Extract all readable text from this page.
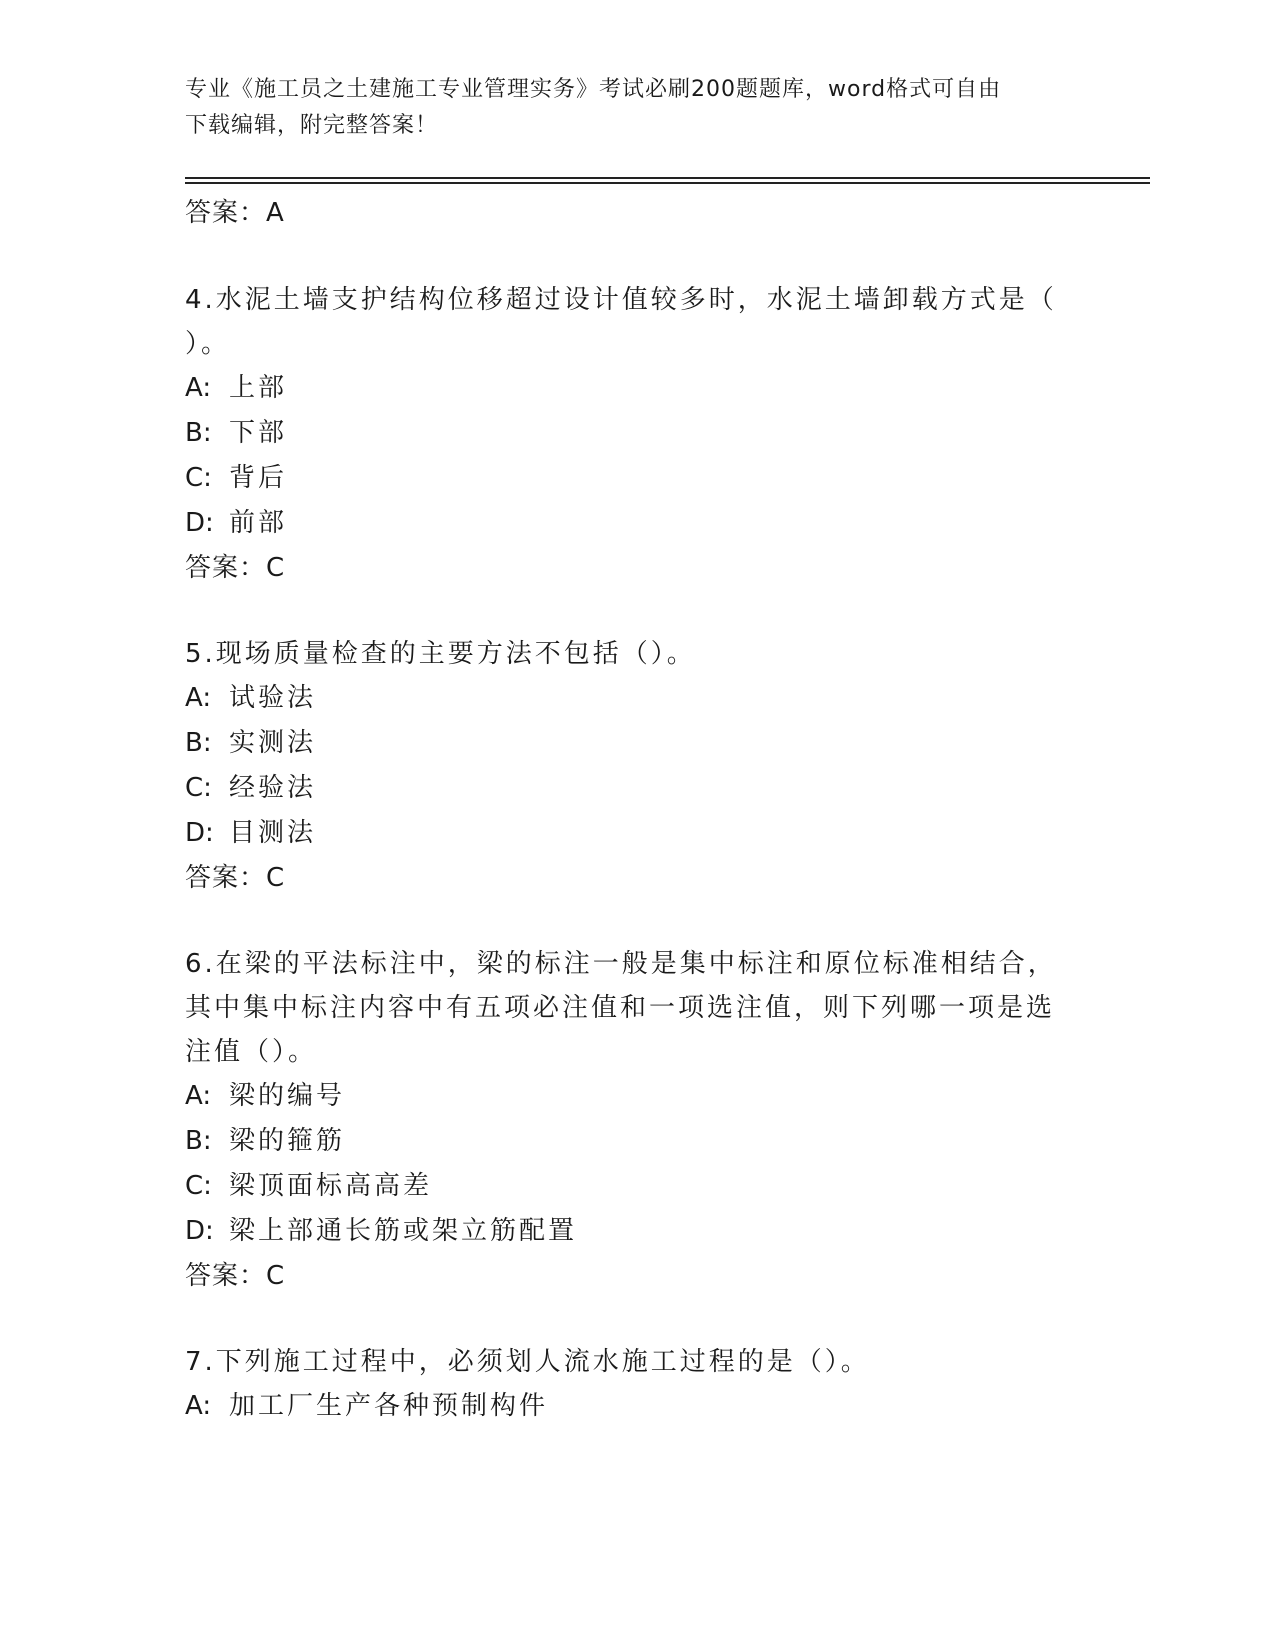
专业《施工员之土建施工专业管理实务》考试必刷200题题库，word格式可自由
下载编辑，附完整答案！
答案：A
4.水泥土墙支护结构位移超过设计值较多时，水泥土墙卸载方式是（
）。
A: 上部
B: 下部
C: 背后
D: 前部
答案：C
5.现场质量检查的主要方法不包括（）。
A: 试验法
B: 实测法
C: 经验法
D: 目测法
答案：C
6.在梁的平法标注中，梁的标注一般是集中标注和原位标准相结合，
其中集中标注内容中有五项必注值和一项选注值，则下列哪一项是选
注值（）。
A: 梁的编号
B: 梁的箍筋
C: 梁顶面标高高差
D: 梁上部通长筋或架立筋配置
答案：C
7.下列施工过程中，必须划人流水施工过程的是（）。
A: 加工厂生产各种预制构件
